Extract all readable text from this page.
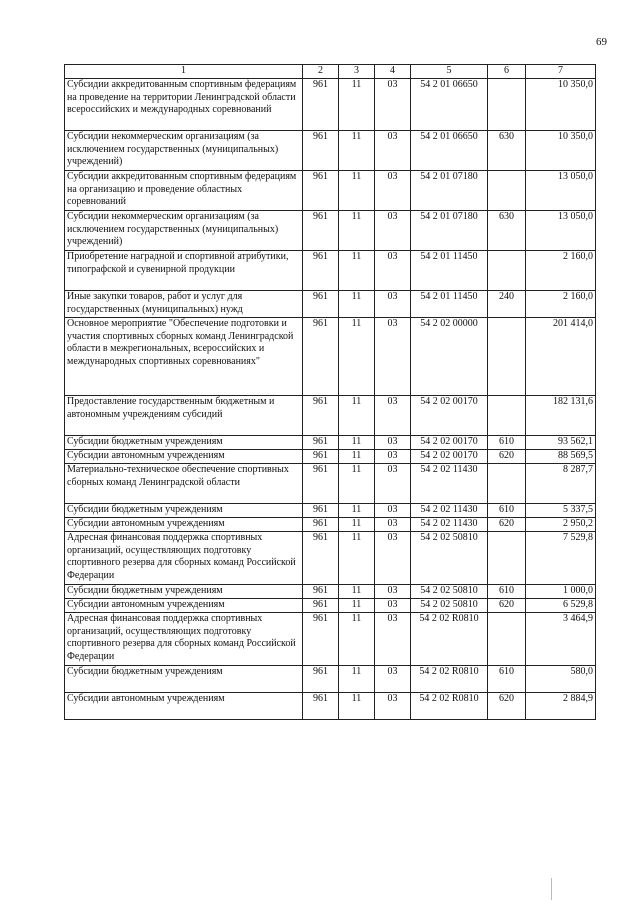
69
1	2	3	4	5	6	7
Субсидии аккредитованным спортивным федерациям на проведение на территории Ленинградской области всероссийских и международных соревнований	961	11	03	54 2 01 06650		10 350,0
Субсидии некоммерческим организациям (за исключением государственных (муниципальных) учреждений)	961	11	03	54 2 01 06650	630	10 350,0
Субсидии аккредитованным спортивным федерациям на организацию и проведение областных соревнований	961	11	03	54 2 01 07180		13 050,0
Субсидии некоммерческим организациям (за исключением государственных (муниципальных) учреждений)	961	11	03	54 2 01 07180	630	13 050,0
Приобретение наградной и спортивной атрибутики, типографской и сувенирной продукции	961	11	03	54 2 01 11450		2 160,0
Иные закупки товаров, работ и услуг для государственных (муниципальных) нужд	961	11	03	54 2 01 11450	240	2 160,0
Основное мероприятие "Обеспечение подготовки и участия спортивных сборных команд Ленинградской области в межрегиональных, всероссийских и международных спортивных соревнованиях"	961	11	03	54 2 02 00000		201 414,0
Предоставление государственным бюджетным и автономным учреждениям субсидий	961	11	03	54 2 02 00170		182 131,6
Субсидии бюджетным учреждениям	961	11	03	54 2 02 00170	610	93 562,1
Субсидии автономным учреждениям	961	11	03	54 2 02 00170	620	88 569,5
Материально-техническое обеспечение спортивных сборных команд Ленинградской области	961	11	03	54 2 02 11430		8 287,7
Субсидии бюджетным учреждениям	961	11	03	54 2 02 11430	610	5 337,5
Субсидии автономным учреждениям	961	11	03	54 2 02 11430	620	2 950,2
Адресная финансовая поддержка спортивных организаций, осуществляющих подготовку спортивного резерва для сборных команд Российской Федерации	961	11	03	54 2 02 50810		7 529,8
Субсидии бюджетным учреждениям	961	11	03	54 2 02 50810	610	1 000,0
Субсидии автономным учреждениям	961	11	03	54 2 02 50810	620	6 529,8
Адресная финансовая поддержка спортивных организаций, осуществляющих подготовку спортивного резерва для сборных команд Российской Федерации	961	11	03	54 2 02 R0810		3 464,9
Субсидии бюджетным учреждениям	961	11	03	54 2 02 R0810	610	580,0
Субсидии автономным учреждениям	961	11	03	54 2 02 R0810	620	2 884,9
